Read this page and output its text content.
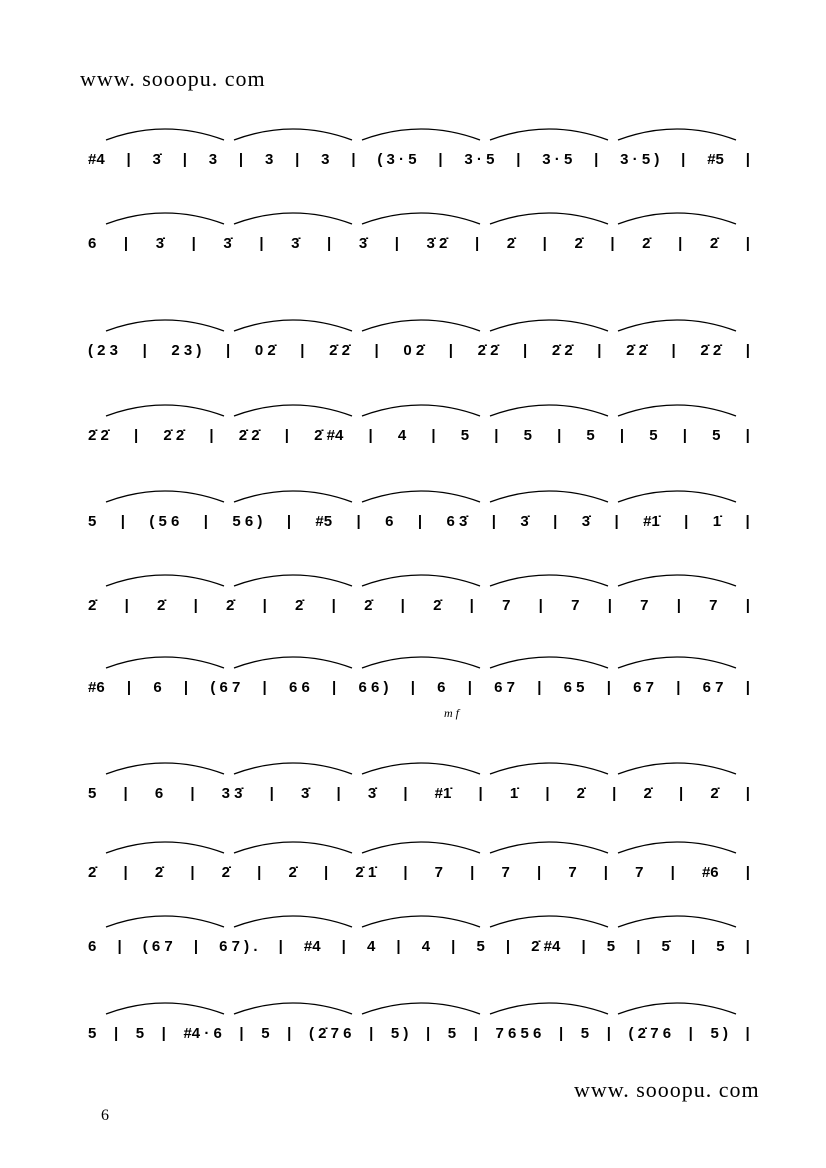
www. sooopu. com
#4 | 3̇ | 3 | 3 | 3 | ( 3 · 5 | 3 · 5 | 3 · 5 | 3 · 5 ) | #5 |
6 | 3̇ | 3̇ | 3̇ | 3̇ | 3̇ 2̇ | 2̇ | 2̇ | 2̇ | 2̇ |
( 2 3 | 2 3 ) | 0 2̇ | 2̇ 2̇ | 0 2̇ | 2̇ 2̇ | 2̇ 2̇ | 2̇ 2̇ | 2̇ 2̇ |
2̇ 2̇ | 2̇ 2̇ | 2̇ 2̇ | 2̇ #4 | 4 | 5 | 5 | 5 | 5 | 5 |
5 | ( 5 6 | 5 6 ) | #5 | 6 | 6 3̇ | 3̇ | 3̇ | #1̇ | 1̇ |
2̇ | 2̇ | 2̇ | 2̇ | 2̇ | 2̇ | 7 | 7 | 7 | 7 |
#6 | 6 | ( 6 7 | 6 6 | 6 6 ) | 6 | 6 7 | 6 5 | 6 7 | 6 7 |
m f
5 | 6 | 3 3̇ | 3̇ | 3̇ | #1̇ | 1̇ | 2̇ | 2̇ | 2̇ |
2̇ | 2̇ | 2̇ | 2̇ | 2̇ 1̇ | 7 | 7 | 7 | 7 | #6 |
6 | ( 6 7 | 6 7 ) . | #4 | 4 | 4 | 5 | 2̇ #4 | 5 | 5̇ | 5 |
5 | 5 | #4 · 6 | 5 | ( 2̇ 7 6 | 5 ) | 5 | 7 6 5 6 | 5 | ( 2̇ 7 6 | 5 ) |
www. sooopu. com
6
